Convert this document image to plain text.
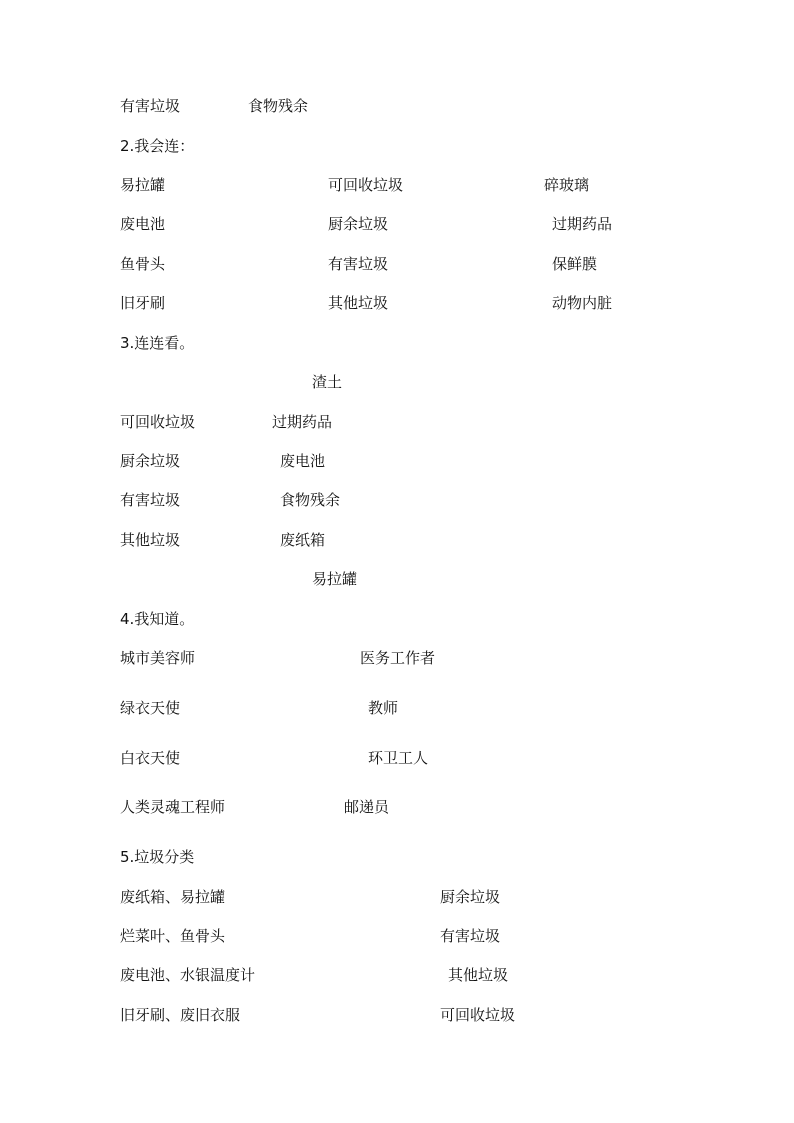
有害垃圾	食物残余
2.我会连：
易拉罐	可回收垃圾	碎玻璃
废电池	厨余垃圾	过期药品
鱼骨头	有害垃圾	保鲜膜
旧牙刷	其他垃圾	动物内脏
3.连连看。
渣土
可回收垃圾	过期药品
厨余垃圾	废电池
有害垃圾	食物残余
其他垃圾	废纸箱
易拉罐
4.我知道。
城市美容师	医务工作者
绿衣天使	教师
白衣天使	环卫工人
人类灵魂工程师	邮递员
5.垃圾分类
废纸箱、易拉罐	厨余垃圾
烂菜叶、鱼骨头	有害垃圾
废电池、水银温度计	其他垃圾
旧牙刷、废旧衣服	可回收垃圾
